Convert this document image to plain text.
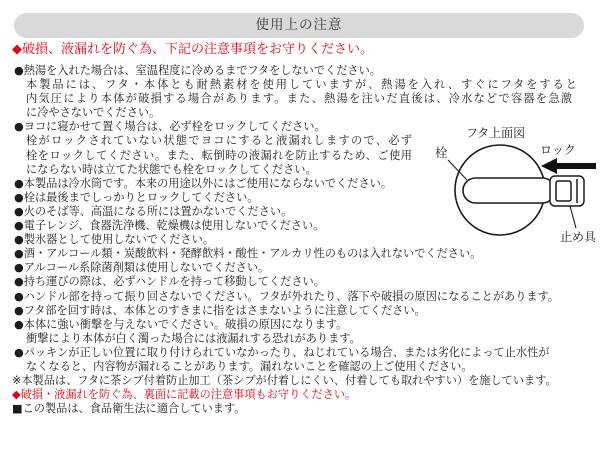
使用上の注意
◆破損、液漏れを防ぐ為、下記の注意事項をお守りください。
●熱湯を入れた場合は、室温程度に冷めるまでフタをしないでください。
本製品には、フタ・本体とも耐熱素材を使用していますが、熱湯を入れ、すぐにフタをすると
内気圧により本体が破損する場合があります。また、熱湯を注いだ直後は、冷水などで容器を急激
に冷やさないでください。
●ヨコに寝かせて置く場合は、必ず栓をロックしてください。
栓がロックされていない状態でヨコにすると液漏れしますので、必ず
栓をロックしてください。また、転倒時の液漏れを防止するため、ご使用
にならない時は立てた状態でも栓をロックしてください。
●本製品は冷水筒です。本来の用途以外にはご使用にならないでください。
●栓は最後までしっかりとロックしてください。
●火のそば等、高温になる所には置かないでください。
●電子レンジ、食器洗浄機、乾燥機は使用しないでください。
●製氷器として使用しないでください。
●酒・アルコール類・炭酸飲料・発酵飲料・酸性・アルカリ性のものは入れないでください。
●アルコール系除菌剤類は使用しないでください。
●持ち運びの際は、必ずハンドルを持って移動してください。
●ハンドル部を持って振り回さないでください。フタが外れたり、落下や破損の原因になることがあります。
●フタ部を回す時は、本体とのすきまに指をはさまないように注意してください。
●本体に強い衝撃を与えないでください。破損の原因になります。
衝撃により本体が白く濁った場合には液漏れする恐れがあります。
●パッキンが正しい位置に取り付けられていなかったり、ねじれている場合、または劣化によって止水性が
なくなると、内容物が漏れることがあります。漏れないことを確認の上ご使用ください。
※本製品は、フタに茶シブ付着防止加工（茶シブが付着しにくい、付着しても取れやすい）を施しています。
◆破損・液漏れを防ぐ為、裏面に記載の注意事項もお守りください。
■この製品は、食品衛生法に適合しています。
フタ上面図
栓	ロック
止め具
